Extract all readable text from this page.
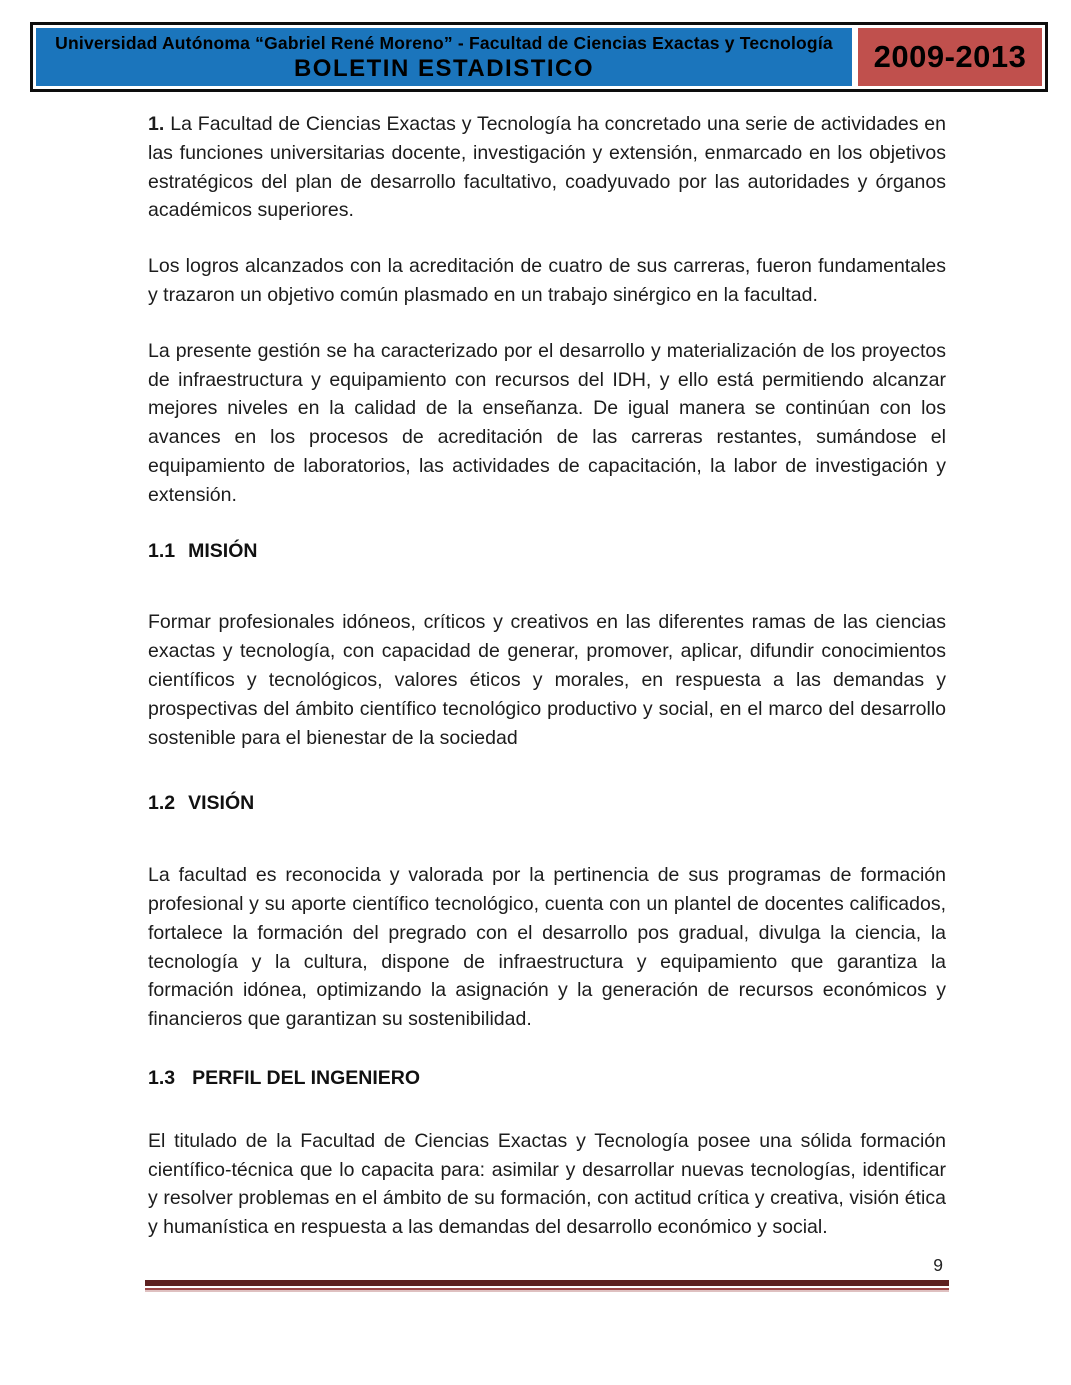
Universidad Autónoma “Gabriel René Moreno” - Facultad de Ciencias Exactas y Tecnología
BOLETIN ESTADISTICO	2009-2013

1. La Facultad de Ciencias Exactas y Tecnología ha concretado una serie de actividades en las funciones universitarias docente, investigación y extensión, enmarcado en los objetivos estratégicos del plan de desarrollo facultativo, coadyuvado por las autoridades y órganos académicos superiores.

Los logros alcanzados con la acreditación de cuatro de sus carreras, fueron fundamentales y trazaron un objetivo común plasmado en un trabajo sinérgico en la facultad.

La presente gestión se ha caracterizado por el desarrollo y materialización de los proyectos de infraestructura y equipamiento con recursos del IDH, y ello está permitiendo alcanzar mejores niveles en la calidad de la enseñanza. De igual manera se continúan con los avances en los procesos de acreditación de las carreras restantes, sumándose el equipamiento de laboratorios, las actividades de capacitación, la labor de investigación y extensión.

1.1 MISIÓN

Formar profesionales idóneos, críticos y creativos en las diferentes ramas de las ciencias exactas y tecnología, con capacidad de generar, promover, aplicar, difundir conocimientos científicos y tecnológicos, valores éticos y morales, en respuesta a las demandas y prospectivas del ámbito científico tecnológico productivo y social, en el marco del desarrollo sostenible para el bienestar de la sociedad

1.2 VISIÓN

La facultad es reconocida y valorada por la pertinencia de sus programas de formación profesional y su aporte científico tecnológico, cuenta con un plantel de docentes calificados, fortalece la formación del pregrado con el desarrollo pos gradual, divulga la ciencia, la tecnología y la cultura, dispone de infraestructura y equipamiento que garantiza la formación idónea, optimizando la asignación y la generación de recursos económicos y financieros que garantizan su sostenibilidad.

1.3 PERFIL DEL INGENIERO

El titulado de la Facultad de Ciencias Exactas y Tecnología posee una sólida formación científico-técnica que lo capacita para: asimilar y desarrollar nuevas tecnologías, identificar y resolver problemas en el ámbito de su formación, con actitud crítica y creativa, visión ética y humanística en respuesta a las demandas del desarrollo económico y social.

9
